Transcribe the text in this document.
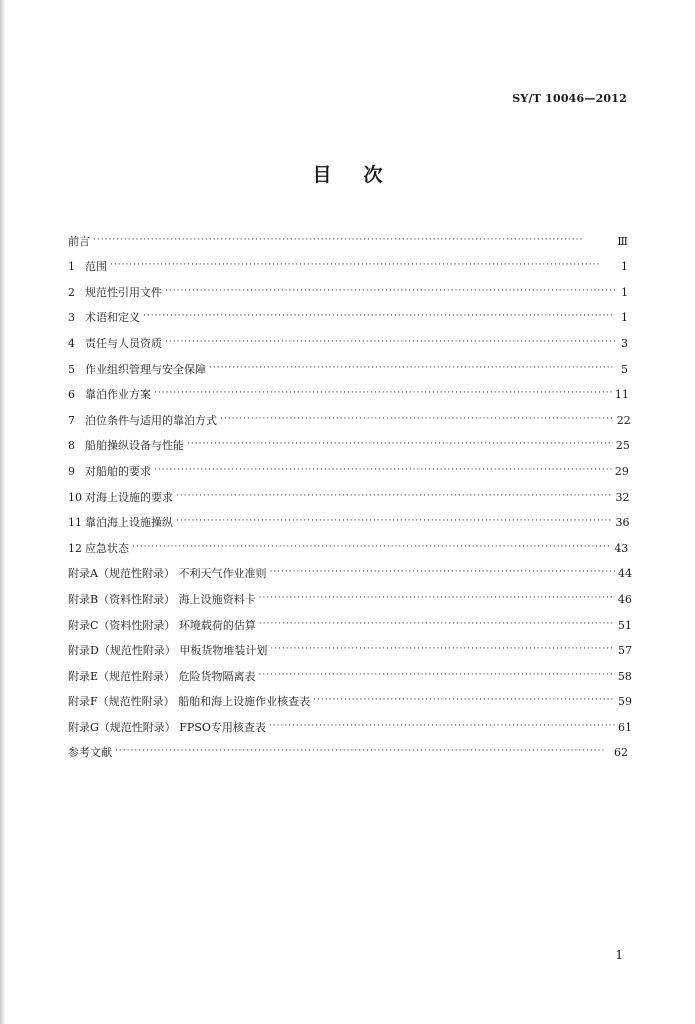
SY/T 10046—2012
目次
前言 ·····	Ⅲ
1 范围 ·····	1
2 规范性引用文件 ·····	1
3 术语和定义 ·····	1
4 责任与人员资质 ·····	3
5 作业组织管理与安全保障 ·····	5
6 靠泊作业方案 ·····	11
7 泊位条件与适用的靠泊方式 ·····	22
8 船舶操纵设备与性能 ·····	25
9 对船舶的要求 ·····	29
10 对海上设施的要求 ·····	32
11 靠泊海上设施操纵 ·····	36
12 应急状态 ·····	43
附录A（规范性附录） 不利天气作业准则 ·····	44
附录B（资料性附录） 海上设施资料卡 ·····	46
附录C（资料性附录） 环境载荷的估算 ·····	51
附录D（规范性附录） 甲板货物堆装计划 ·····	57
附录E（规范性附录） 危险货物隔离表 ·····	58
附录F（规范性附录） 船舶和海上设施作业核查表 ·····	59
附录G（规范性附录） FPSO专用核查表 ·····	61
参考文献 ·····	62
1
